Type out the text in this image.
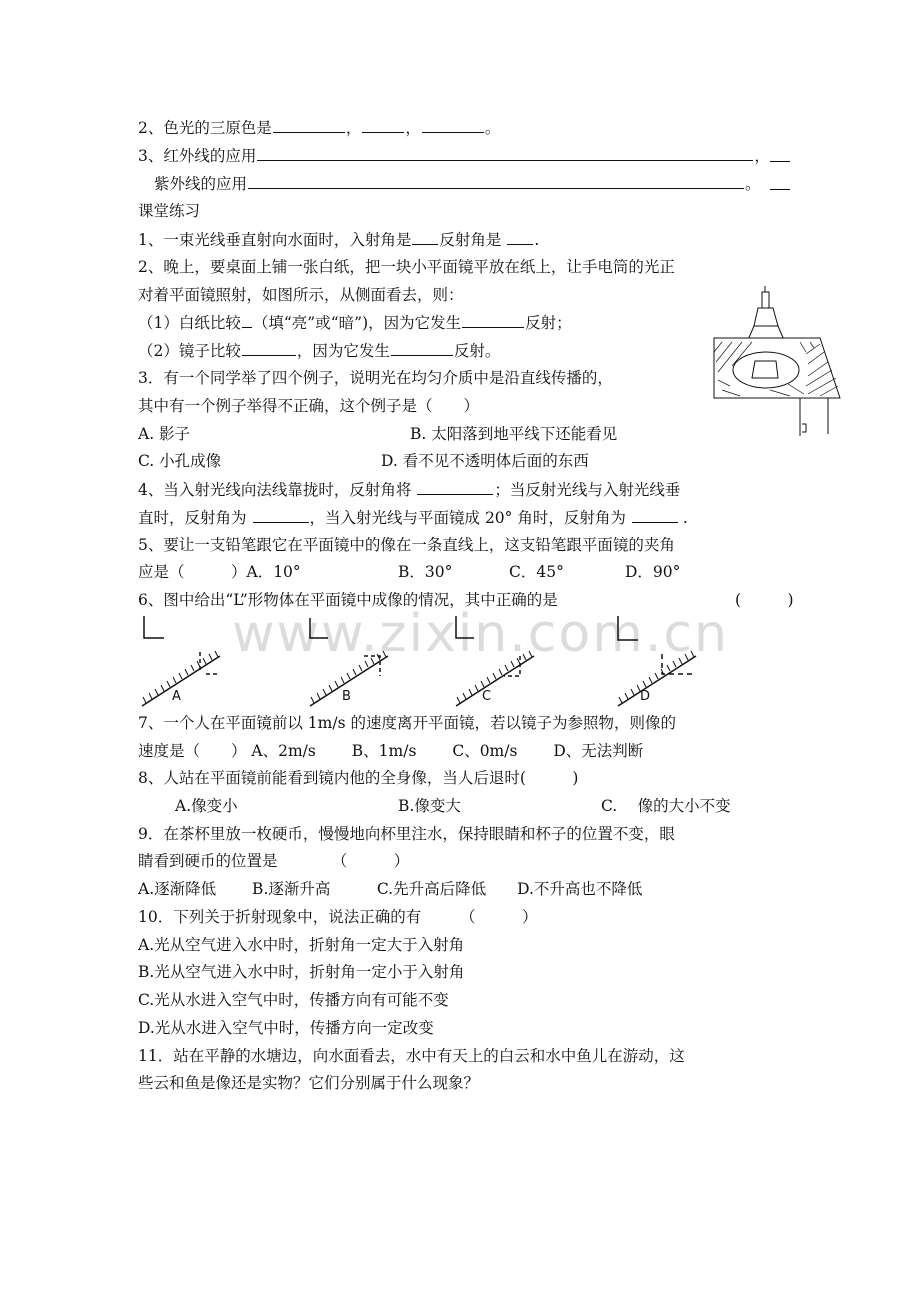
www.zixin.com.cn
2、色光的三原色是	，	，	。
3、红外线的应用	，
紫外线的应用	。
课堂练习
1、一束光线垂直射向水面时，入射角是 反射角是 .
2、晚上，要桌面上铺一张白纸，把一块小平面镜平放在纸上，让手电筒的光正
对着平面镜照射，如图所示，从侧面看去，则：
（1）白纸比较 （填“亮”或“暗”)，因为它发生	反射；
（2）镜子比较	，因为它发生	反射。
3．有一个同学举了四个例子，说明光在均匀介质中是沿直线传播的，
其中有一个例子举得不正确，这个例子是（　　）
A. 影子	B. 太阳落到地平线下还能看见
C. 小孔成像	D. 看不见不透明体后面的东西
4、当入射光线向法线靠拢时，反射角将	；当反射光线与入射光线垂
直时，反射角为	，当入射光线与平面镜成 20° 角时，反射角为	.
5、要让一支铅笔跟它在平面镜中的像在一条直线上，这支铅笔跟平面镜的夹角
应是（　　　）A．10°	B．30°	C．45°	D．90°
6、图中给出“L”形物体在平面镜中成像的情况，其中正确的是	(　　　)
A	B	C	D
7、一个人在平面镜前以 1m/s 的速度离开平面镜，若以镜子为参照物，则像的
速度是（　　） A、2m/s　　 B、1m/s　　 C、0m/s　　 D、无法判断
8、人站在平面镜前能看到镜内他的全身像，当人后退时(　　　)
A.像变小	B.像变大	C.　 像的大小不变
9．在茶杯里放一枚硬币，慢慢地向杯里注水，保持眼睛和杯子的位置不变，眼
睛看到硬币的位置是　　　　（　　　）
A.逐渐降低　　 B.逐渐升高　　　C.先升高后降低　　D.不升高也不降低
10．下列关于折射现象中，说法正确的有　　　（　　　）
A.光从空气进入水中时，折射角一定大于入射角
B.光从空气进入水中时，折射角一定小于入射角
C.光从水进入空气中时，传播方向有可能不变
D.光从水进入空气中时，传播方向一定改变
11．站在平静的水塘边，向水面看去，水中有天上的白云和水中鱼儿在游动，这
些云和鱼是像还是实物？它们分别属于什么现象？
